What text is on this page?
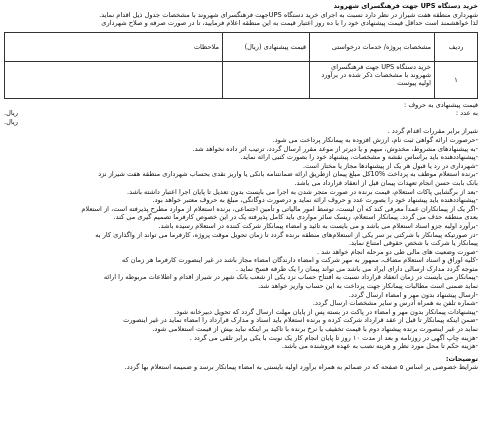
خرید دستگاه UPS جهت فرهنگسرای شهروند
شهرداری منطقه هفت شیراز در نظر دارد نسبت به اجرای خرید دستگاه UPSجهت فرهنگسرای شهروند با مشخصات جدول ذیل اقدام نماید.
لذا خواهشمند است حداقل قیمت پیشنهادی خود را با ده روز اعتبار قیمت به این منطقه اعلام فرمایید، تا در صورت صرفه و صلاح شهرداری
ردیف	مشخصات پروژه/ خدمات درخواستی	قیمت پیشنهادی (ریال)	ملاحظات
۱	خرید دستگاه UPS جهت فرهنگسرای شهروند با مشخصات ذکر شده در برآورد اولیه پیوست		
قیمت پیشنهادی به حروف :
به عدد :
ریال.
ریال.
شیراز برابر مقررات اقدام گردد .
-حرصورت ارائه گواهی ثبت نام، ارزش افزوده به پیمانکار پرداخت می شود.
-به پیشنهادهای مشروط، مخدوش، مبهم و یا دیرتر از موعد مقرر ارسال گردد، ترتیب اثر داده نخواهد شد.
-پیشنهاددهنده باید براساس نقشه و مشخصات، پیشنهاد خود را بصورت کتبی ارائه نماید.
-شهرداری در رد یا قبول هر یک از پیشنهادها مجاز یا مختار است.
-برنده استعلام موظف به پرداخت %10کل مبلغ پیمان ازطریق ارائه ضمانتنامه بانکی یا واریز نقدی بحساب شهرداری منطقه هفت شیراز نزد
بانک بابت حسن انجام تعهدات پیمان قبل از انعقاد قرارداد می باشد.
-بعد از برگشایی پاکات استعلام، قیمت برنده در صورت متجر شدن به اجرا می بایست بدون تعدیل تا پایان اجرا اعتبار داشته باشد.
-پیشنهاددهنده باید پیشنهاد خود را بصورت عدد و حروف ارائه نماید و درصورت دوگانگی، مبلغ به حروف معتبر خواهد بود.
-اگر یک از پیمانکاران عمداً معرفی کند که آن لیست، توسط امور مالیاتی و تأمین اجتماعی، برنده استعلام از موارد مطرح پذیرفته است، از استعلام
بعدی منطقه حذف می گردد. پیمانکار استعلام، ریسک سائر مواردی باید کامل پذیرفته یک در این خصوص کارفرما تصمیم گیری می کند.
-برآورد اولیه جزو اسناد استعلام می باشد و می بایست به تائید و امضاء پیمانکار شرکت کننده در استعلام رسیده باشد.
-در صورتیکه پیمانکار با شرکتی بر سر یکی از استعلام‌های منطقه برنده گردد تا زمان تحویل موقت پروژه، کارفرما می تواند از واگذاری کار به
پیمانکار یا شرکت با شخص حقوقی امتناع نماید.
-صورت وضعیت های مالی طی دو مرحله انجام خواهد شد .
-کلیه اوراق و اسناد استعلام مضاف، ممهور به مهر شرکت و امضاء دارندگان امضاء مجاز باشد در غیر اینصورت کارفرما هر زمان که
متوجه گردد مدارک ارسالی دارای ایراد می باشد می تواند پیمان را یک طرفه فسخ نماید .
-پیمانکار می بایست در زمان انعقاد قرارداد نسبت به افتتاح حساب نزد یکی از شعب بانک شهر در شیراز اقدام و اطلاعات مربوطه را ارائه
نماید ضمنی است مطالبات پیمانکار جهت پرداخت به این حساب واریز خواهد شد.
-ارسال پیشنهاد بدون مهر و امضاء ارسال گردد.
-شماره تلفن به همراه آدرس و سایر مشخصات ارسال گردد.
-پیشنهادات پیمانکار بدون مهر و امضاء در پاکت در بسته پس از پایان مهلت ارسال گردد که تحویل دبیرخانه شود.
-ضمن اینکه پیمانکار تا قبل از عقد قرارداد شرکت کرده و برنده استعلام باید اسناد و مدارک قرارداد را امضاء نماید در غیر اینصورت
نماید در غیر اینصورت برنده پیشنهاد دوم با قیمت تخفیف یا نرخ برنده با تاکید بر اینکه نباید بیش از قیمت استعلامی شود.
-هزینه چاپ آگهی در روزنامه و بعد از مدت ۱۰ روز تا پایان انجام کار یک نوبت با یکی برابر تلقی می گردد .
-هزینه حکم تا محل مورد نظر و هزینه نصب به عهده فروشنده می باشد.
توضیحات:
شرایط خصوصی بر اساس ۵ صفحه که در ضمائم به همراه برآورد اولیه بایستی به امضاء پیمانکار برسد و ضمیمه استعلام بها گردد.
